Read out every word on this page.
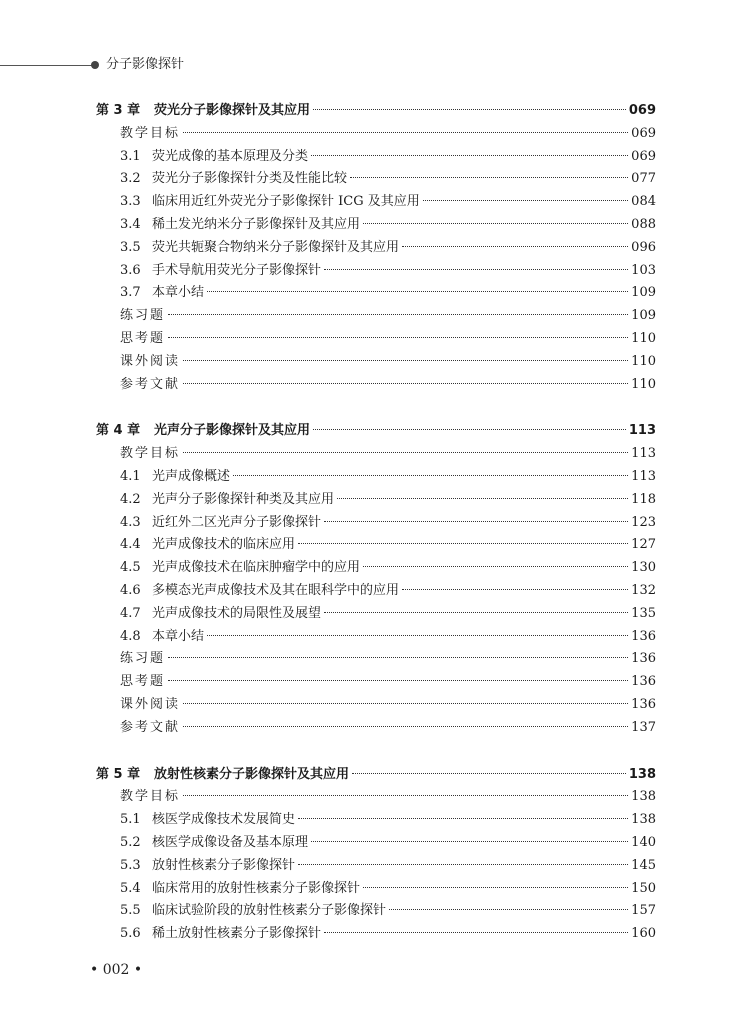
分子影像探针
第 3 章	荧光分子影像探针及其应用	069
教学目标	069
3.1 荧光成像的基本原理及分类	069
3.2 荧光分子影像探针分类及性能比较	077
3.3 临床用近红外荧光分子影像探针 ICG 及其应用	084
3.4 稀土发光纳米分子影像探针及其应用	088
3.5 荧光共轭聚合物纳米分子影像探针及其应用	096
3.6 手术导航用荧光分子影像探针	103
3.7 本章小结	109
练习题	109
思考题	110
课外阅读	110
参考文献	110
第 4 章	光声分子影像探针及其应用	113
教学目标	113
4.1 光声成像概述	113
4.2 光声分子影像探针种类及其应用	118
4.3 近红外二区光声分子影像探针	123
4.4 光声成像技术的临床应用	127
4.5 光声成像技术在临床肿瘤学中的应用	130
4.6 多模态光声成像技术及其在眼科学中的应用	132
4.7 光声成像技术的局限性及展望	135
4.8 本章小结	136
练习题	136
思考题	136
课外阅读	136
参考文献	137
第 5 章	放射性核素分子影像探针及其应用	138
教学目标	138
5.1 核医学成像技术发展简史	138
5.2 核医学成像设备及基本原理	140
5.3 放射性核素分子影像探针	145
5.4 临床常用的放射性核素分子影像探针	150
5.5 临床试验阶段的放射性核素分子影像探针	157
5.6 稀土放射性核素分子影像探针	160
• 002 •
